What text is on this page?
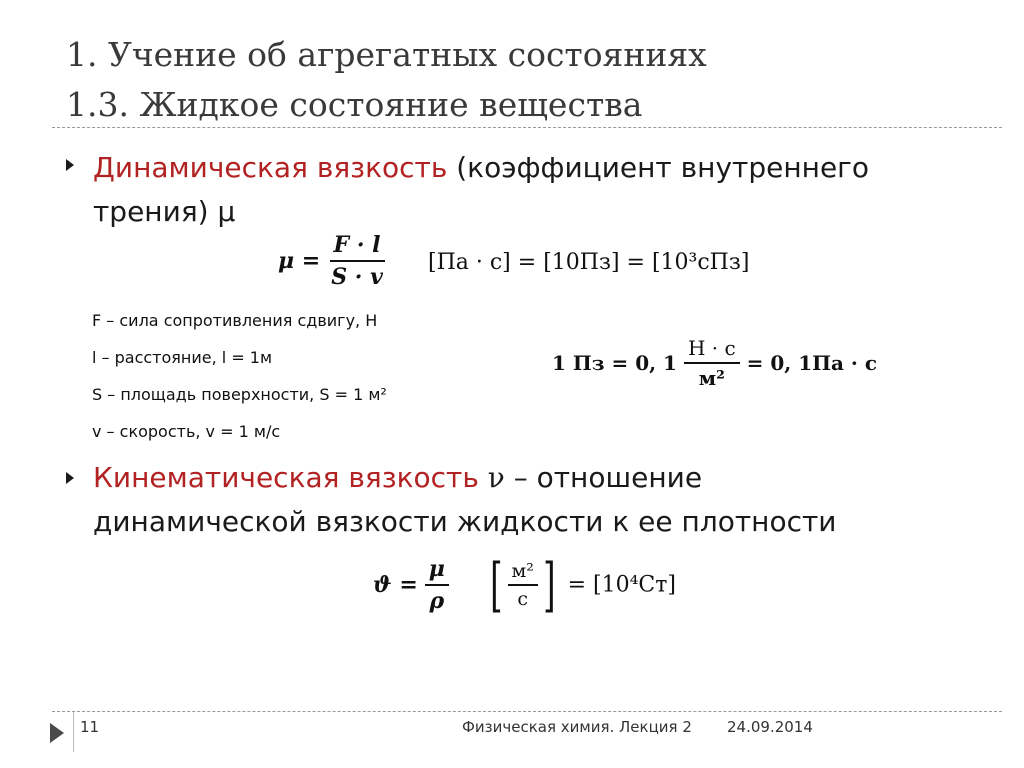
1. Учение об агрегатных состояниях
1.3. Жидкое состояние вещества
Динамическая вязкость (коэффициент внутреннего
трения) μ
$\mu = \frac{F \cdot l}{S \cdot v} [Па \cdot с] = [10Пз] = [10^3сПз]$
F – сила сопротивления сдвигу, Н
l – расстояние, l = 1м
S – площадь поверхности, S = 1 м²
v – скорость, v = 1 м/с
1 Пз = 0, $1 \frac{Н \cdot с}{\text{м²}} = 0$, 1Па · с
Кинематическая вязкость ν – отношение
динамической вязкости жидкости к ее плотности
$ϑ = \frac{\mu}{\rho}$ [ $\frac{\text{м²}}{с}$ ] = [10⁴Ст]
11	Физическая химия. Лекция 2 24.09.2014
